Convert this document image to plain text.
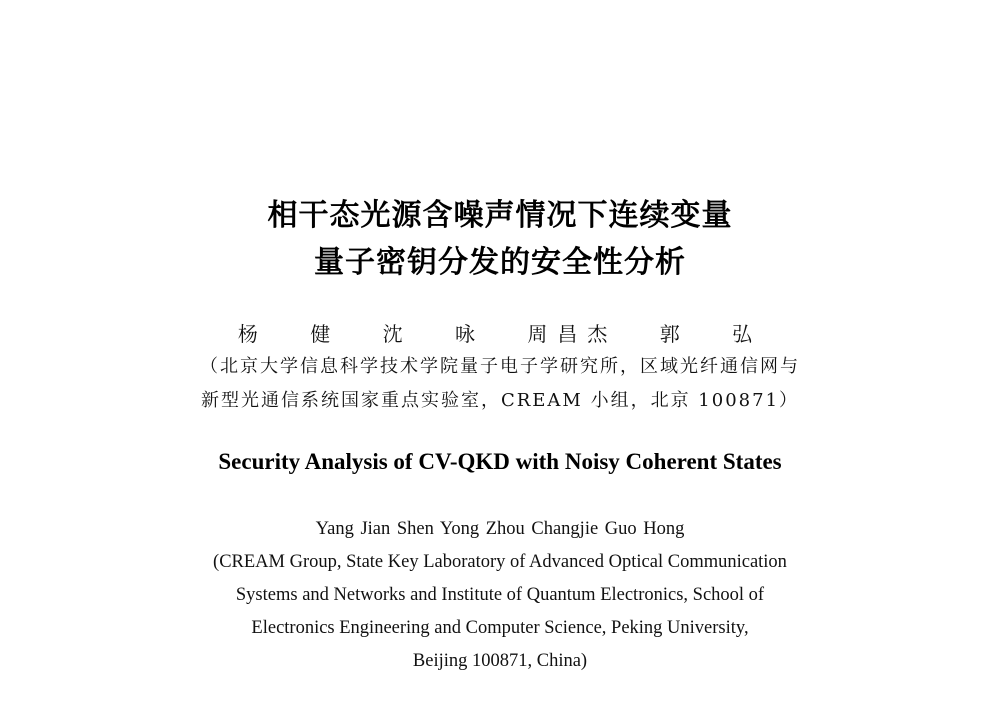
相干态光源含噪声情况下连续变量
量子密钥分发的安全性分析
杨 健 沈 咏 周昌杰 郭 弘
（北京大学信息科学技术学院量子电子学研究所，区域光纤通信网与
新型光通信系统国家重点实验室，CREAM 小组，北京 100871）
Security Analysis of CV-QKD with Noisy Coherent States
Yang Jian Shen Yong Zhou Changjie Guo Hong
(CREAM Group, State Key Laboratory of Advanced Optical Communication
Systems and Networks and Institute of Quantum Electronics, School of
Electronics Engineering and Computer Science, Peking University,
Beijing 100871, China)
